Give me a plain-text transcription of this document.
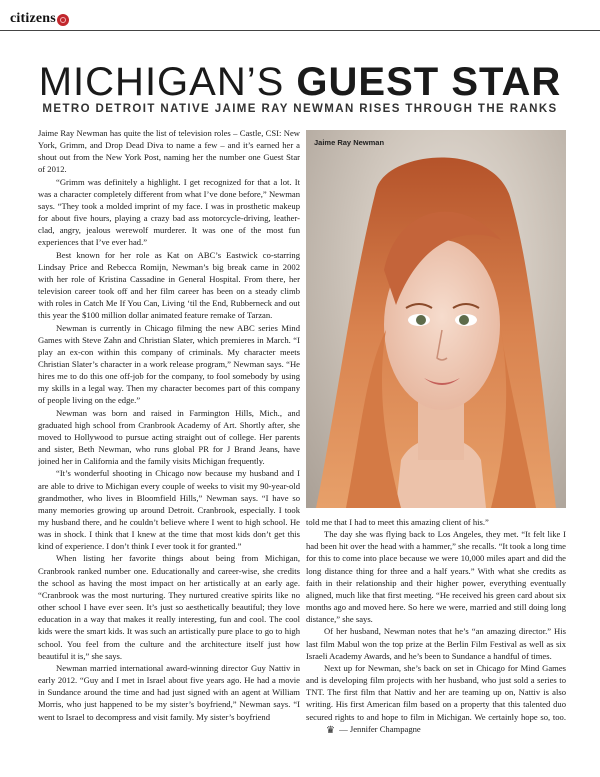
citizens
MICHIGAN’S GUEST STAR
METRO DETROIT NATIVE JAIME RAY NEWMAN RISES THROUGH THE RANKS

Jaime Ray Newman has quite the list of television roles – Castle, CSI: New York, Grimm, and Drop Dead Diva to name a few – and it’s earned her a shout out from the New York Post, naming her the number one Guest Star of 2012.

“Grimm was definitely a highlight. I get recognized for that a lot. It was a character completely different from what I’ve done before,” Newman says. “They took a molded imprint of my face. I was in prosthetic makeup for about five hours, playing a crazy bad ass motorcycle-driving, leather-clad, angry, jealous werewolf murderer. It was one of the most fun experiences that I’ve ever had.”

Best known for her role as Kat on ABC’s Eastwick co-starring Lindsay Price and Rebecca Romijn, Newman’s big break came in 2002 with her role of Kristina Cassadine in General Hospital. From there, her television career took off and her film career has been on a steady climb with roles in Catch Me If You Can, Living ‘til the End, Rubberneck and out this year the $100 million dollar animated feature remake of Tarzan.

Newman is currently in Chicago filming the new ABC series Mind Games with Steve Zahn and Christian Slater, which premieres in March. “I play an ex-con within this company of criminals. My character meets Christian Slater’s character in a work release program,” Newman says. “He hires me to do this one off-job for the company, to fool somebody by using my skills in a legal way. Then my character becomes part of this company of people living on the edge.”

Newman was born and raised in Farmington Hills, Mich., and graduated high school from Cranbrook Academy of Art. Shortly after, she moved to Hollywood to pursue acting straight out of college. Her parents and sister, Beth Newman, who runs global PR for J Brand Jeans, have joined her in California and the family visits Michigan frequently.

“It’s wonderful shooting in Chicago now because my husband and I are able to drive to Michigan every couple of weeks to visit my 90-year-old grandmother, who lives in Bloomfield Hills,” Newman says. “I have so many memories growing up around Detroit. Cranbrook, especially. I took my husband there, and he couldn’t believe where I went to high school. He was in shock. I think that I knew at the time that most kids don’t get this kind of experience. I don’t think I ever took it for granted.”

When listing her favorite things about being from Michigan, Cranbrook ranked number one. Educationally and career-wise, she credits the school as having the most impact on her artistically at an early age. “Cranbrook was the most nurturing. They nurtured creative spirits like no other school I have ever seen. It’s just so aesthetically beautiful; they love education in a way that makes it really interesting, fun and cool. The cool kids were the smart kids. It was such an artistically pure place to go to high school. You feel from the culture and the architecture itself just how beautiful it is,” she says.

Newman married international award-winning director Guy Nattiv in early 2012. “Guy and I met in Israel about five years ago. He had a movie in Sundance around the time and had just signed with an agent at William Morris, who just happened to be my sister’s boyfriend,” Newman says. “I went to Israel to decompress and visit family. My sister’s boyfriend

Jaime Ray Newman

told me that I had to meet this amazing client of his.”

The day she was flying back to Los Angeles, they met. “It felt like I had been hit over the head with a hammer,” she recalls. “It took a long time for this to come into place because we were 10,000 miles apart and did the long distance thing for three and a half years.” With what she credits as faith in their relationship and their higher power, everything eventually aligned, much like that first meeting. “He received his green card about six months ago and moved here. So here we were, married and still doing long distance,” she says.

Of her husband, Newman notes that he’s “an amazing director.” His last film Mabul won the top prize at the Berlin Film Festival as well as six Israeli Academy Awards, and he’s been to Sundance a handful of times.

Next up for Newman, she’s back on set in Chicago for Mind Games and is developing film projects with her husband, who just sold a series to TNT. The first film that Nattiv and her are teaming up on, Nattiv is also writing. His first American film based on a property that this talented duo secured rights to and hope to film in Michigan. We certainly hope so, too. ♛ — Jennifer Champagne
